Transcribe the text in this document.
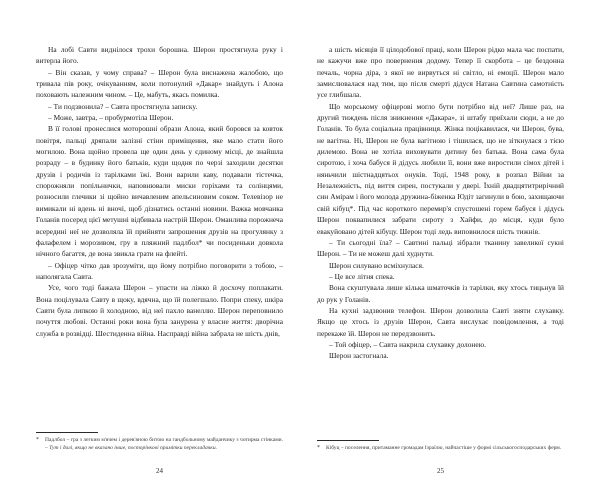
На лобі Савти виднілося трохи борошна. Шерон простягнула руку і витерла його.

– Він сказав, у чому справа? – Шерон була виснажена жалобою, що тривала пів року, очікуванням, коли потонулий «Дакар» знайдуть і Алона поховають належним чином. – Це, мабуть, якась помилка.

– Ти подзвонила? – Савта простягнула записку.

– Може, завтра, – пробурмотіла Шерон.

В її голові пронеслися моторошні образи Алона, який боровся за ковток повітря, пальці дряпали залізні стіни приміщення, яке мало стати його могилою. Вона щойно провела ще один день у єдиному місці, де знайшла розраду – в будинку його батьків, куди щодня по черзі заходили десятки друзів і родичів із тарілками їжі. Вони варили каву, подавали тістечка, спорожняли попільнички, наповнювали миски горіхами та солінцями, розносили глечики зі щойно вичавленим апельсиновим соком. Телевізор не вимикали ні вдень ні вночі, щоб дізнатись останні новини. Важка мовчанка Голанів посеред цієї метушні відбивала настрій Шерон. Оманлива порожнеча всередині неї не дозволяла їй прийняти запрошення друзів на прогулянку з фалафелем і морозивом, гру в пляжний падлбол* чи посиденьки довкола нічного багаття, де вона звикла грати на флейті.

– Офіцер чітко дав зрозуміти, що йому потрібно поговорити з тобою, – наполягала Савта.

Усе, чого тоді бажала Шерон – упасти на ліжко й досхочу поплакати. Вона поцілувала Савту в щоку, вдячна, що їй полегшало. Попри спеку, шкіра Савти була липкою й холодною, від неї пахло ванеллю. Шерон переповнило почуття любові. Останні роки вона була занурена у власне життя: дворічна служба в розвідці. Шестиденна війна. Насправді війна забрала не шість днів,

*	Падлбол – гра з легким м'ячем і дерев'яною битою на гандбольному майданчику з чотирма стінками. – Тут і далі, якщо не вказано інше, посторінкові примітки перекладачки.
24

а шість місяців її цілодобової праці, коли Шерон рідко мала час поспати, не кажучи вже про повернення додому. Тепер її скорбота – це бездонна печаль, чорна діра, з якої не вирвуться ні світло, ні емоції. Шерон мало замислювалася над тим, що після смерті дідуся Натана Савтина самотність усе глибшала.

Що морському офіцерові могло бути потрібно від неї? Лише раз, на другий тиждень після зникнення «Дакара», зі штабу приїхали сюди, а не до Голанів. То була соціальна працівниця. Жінка поцікавилася, чи Шерон, бува, не вагітна. Ні, Шерон не була вагітною і тішилася, що не зіткнулася з тією дилемою. Вона не хотіла виховувати дитину без батька. Вона сама була сиротою, і хоча бабуся й дідусь любили її, вони вже виростили сімох дітей і няньчили шістнадцятьох онуків. Тоді, 1948 року, в розпал Війни за Незалежність, під виття сирен, постукали у двері. Їхній двадцятитрирічний син Амірам і його молода дружина-біженка Юдіт загинули в бою, захищаючи свій кібуц*. Під час короткого перемир'я спустошені горем бабуся і дідусь Шерон поквапилися забрати сироту з Хайфи, до місця, куди було евакуйовано дітей кібуцу. Шерон тоді ледь виповнилося шість тижнів.

– Ти сьогодні їла? – Савтині пальці зібрали тканину завеликої сукні Шерон. – Ти не можеш далі худнути.

Шерон силувано всміхнулася.

– Це все літня спека.

Вона скуштувала лише кілька шматочків із тарілки, яку хтось тицьнув їй до рук у Голанів.

На кухні задзвонив телефон. Шерон дозволила Савті зняти слухавку. Якщо це хтось із друзів Шерон, Савта вислухає повідомлення, а тоді перекаже їй. Шерон не передзвонить.

– Той офіцер, – Савта накрила слухавку долонею.

Шерон застогнала.

*	Кібуц – поселення, притаманне громадам Ізраїлю, найчастіше у формі сільськогосподарських ферм.
25
